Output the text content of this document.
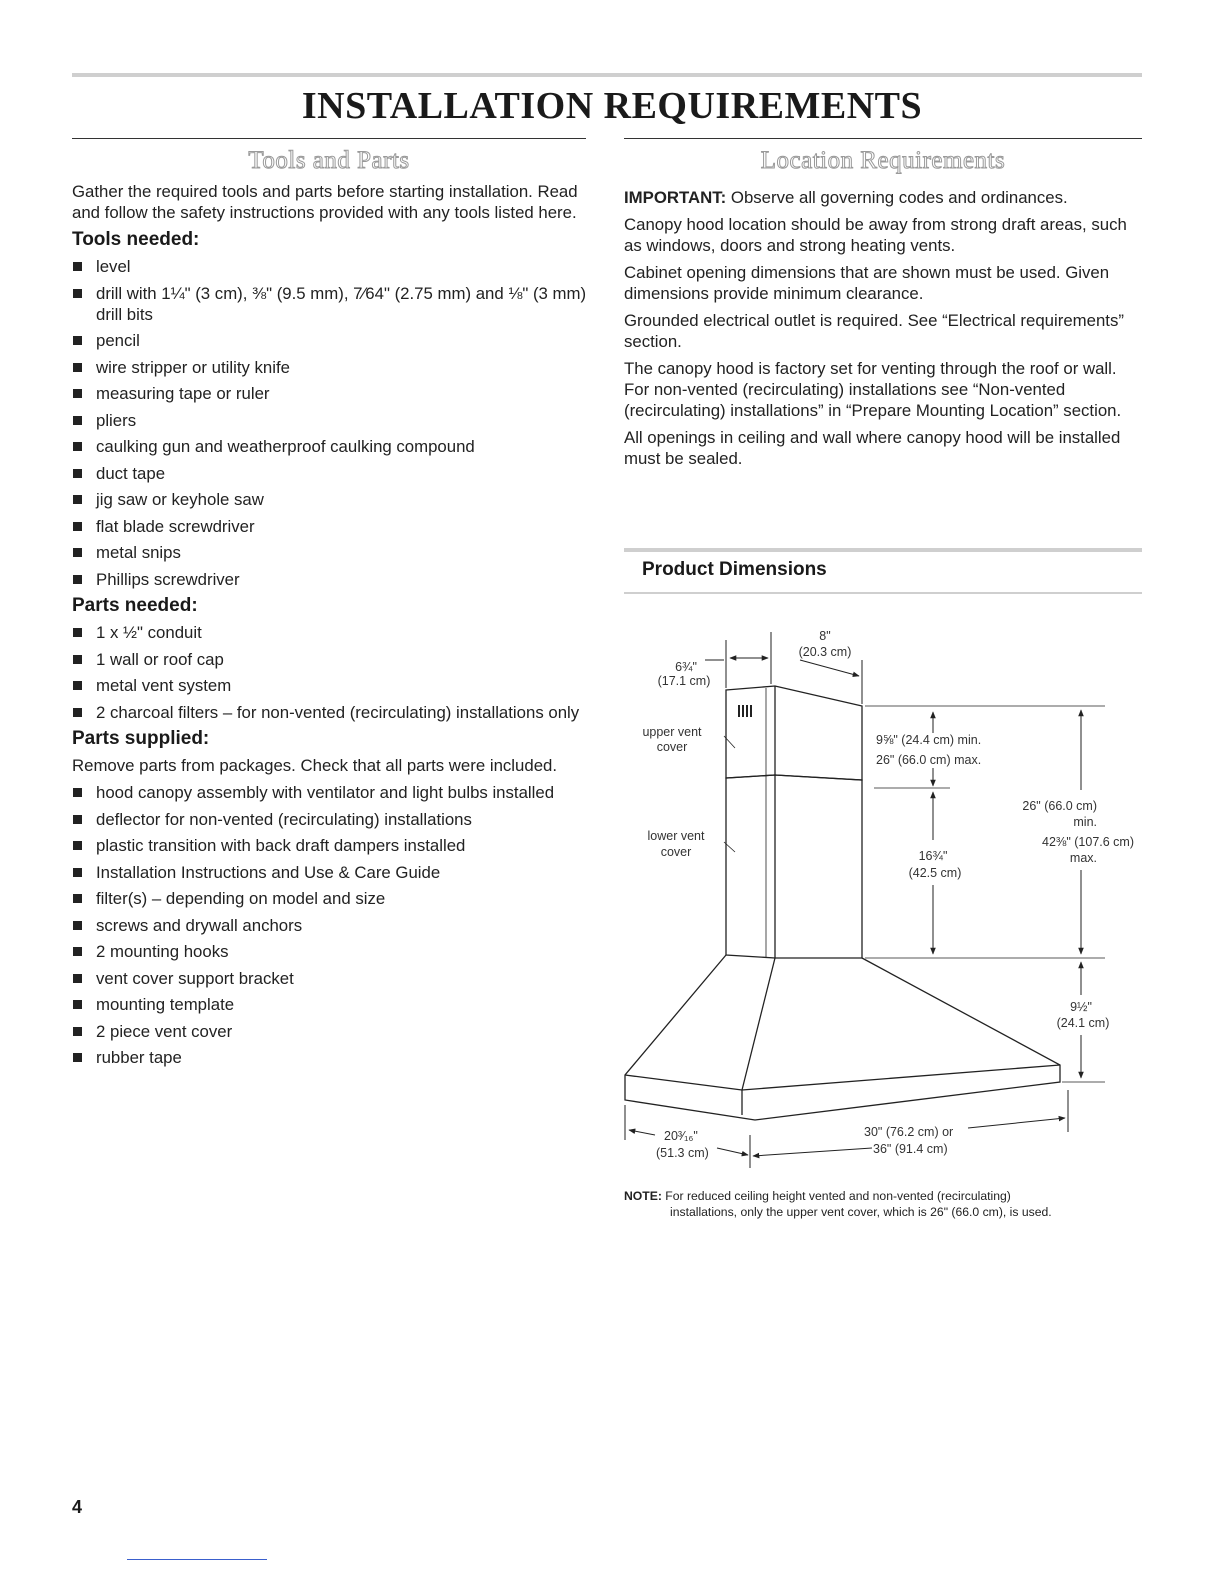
INSTALLATION REQUIREMENTS
Tools and Parts

Gather the required tools and parts before starting installation. Read and follow the safety instructions provided with any tools listed here.

Tools needed:
level
drill with 1¼" (3 cm), ⅜" (9.5 mm), 7⁄64" (2.75 mm) and ⅛" (3 mm) drill bits
pencil
wire stripper or utility knife
measuring tape or ruler
pliers
caulking gun and weatherproof caulking compound
duct tape
jig saw or keyhole saw
flat blade screwdriver
metal snips
Phillips screwdriver
Parts needed:
1 x ½" conduit
1 wall or roof cap
metal vent system
2 charcoal filters – for non-vented (recirculating) installations only
Parts supplied:

Remove parts from packages. Check that all parts were included.

hood canopy assembly with ventilator and light bulbs installed
deflector for non-vented (recirculating) installations
plastic transition with back draft dampers installed
Installation Instructions and Use & Care Guide
filter(s) – depending on model and size
screws and drywall anchors
2 mounting hooks
vent cover support bracket
mounting template
2 piece vent cover
rubber tape
Location Requirements

IMPORTANT: Observe all governing codes and ordinances.

Canopy hood location should be away from strong draft areas, such as windows, doors and strong heating vents.

Cabinet opening dimensions that are shown must be used. Given dimensions provide minimum clearance.

Grounded electrical outlet is required. See “Electrical requirements” section.

The canopy hood is factory set for venting through the roof or wall. For non-vented (recirculating) installations see “Non-vented (recirculating) installations” in “Prepare Mounting Location” section.

All openings in ceiling and wall where canopy hood will be installed must be sealed.

Product Dimensions
8"
(20.3 cm)
6¾"
(17.1 cm)
upper vent
cover
lower vent
cover
9⅝" (24.4 cm) min.
26" (66.0 cm) max.
16¾"
(42.5 cm)
26" (66.0 cm)
min.
42⅜" (107.6 cm)
max.
9½"
(24.1 cm)
20³⁄₁₆"
(51.3 cm)
30" (76.2 cm) or
36" (91.4 cm)
NOTE: For reduced ceiling height vented and non-vented (recirculating)
installations, only the upper vent cover, which is 26" (66.0 cm), is used.
4
